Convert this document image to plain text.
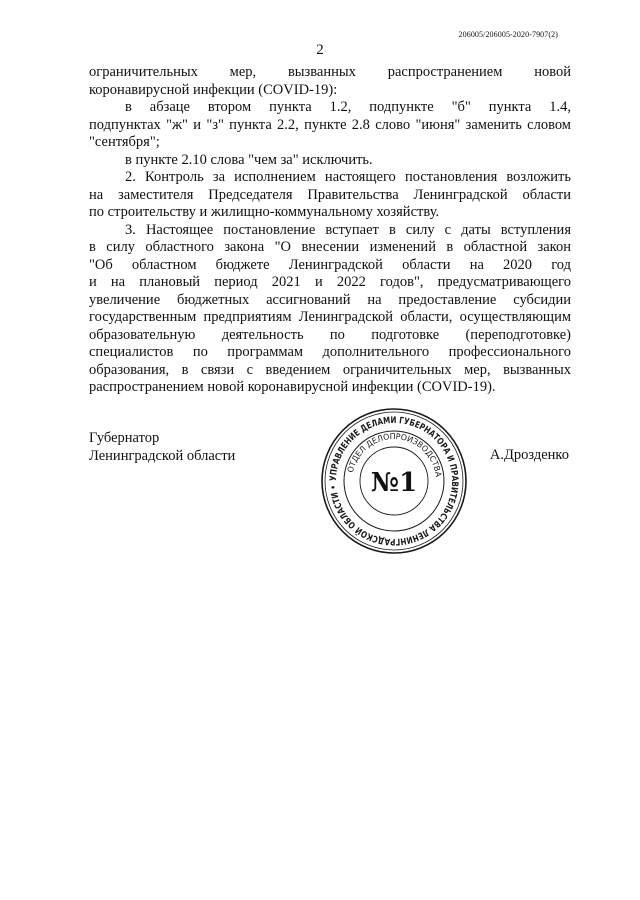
206005/206005-2020-7907(2)
2

ограничительных мер, вызванных распространением новой

коронавирусной инфекции (COVID-19):

в абзаце втором пункта 1.2, подпункте "б" пункта 1.4,

подпунктах "ж" и "з" пункта 2.2, пункте 2.8 слово "июня" заменить словом

"сентября";

в пункте 2.10 слова "чем за" исключить.

2. Контроль за исполнением настоящего постановления возложить

на заместителя Председателя Правительства Ленинградской области

по строительству и жилищно-коммунальному хозяйству.

3. Настоящее постановление вступает в силу с даты вступления

в силу областного закона "О внесении изменений в областной закон

"Об областном бюджете Ленинградской области на 2020 год

и на плановый период 2021 и 2022 годов", предусматривающего

увеличение бюджетных ассигнований на предоставление субсидии

государственным предприятиям Ленинградской области, осуществляющим

образовательную деятельность по подготовке (переподготовке)

специалистов по программам дополнительного профессионального

образования, в связи с введением ограничительных мер, вызванных

распространением новой коронавирусной инфекции (COVID-19).

Губернатор
Ленинградской области
УПРАВЛЕНИЕ ДЕЛАМИ ГУБЕРНАТОРА И ПРАВИТЕЛЬСТВА ЛЕНИНГРАДСКОЙ ОБЛАСТИ •
ОТДЕЛ ДЕЛОПРОИЗВОДСТВА
№1
А.Дрозденко
